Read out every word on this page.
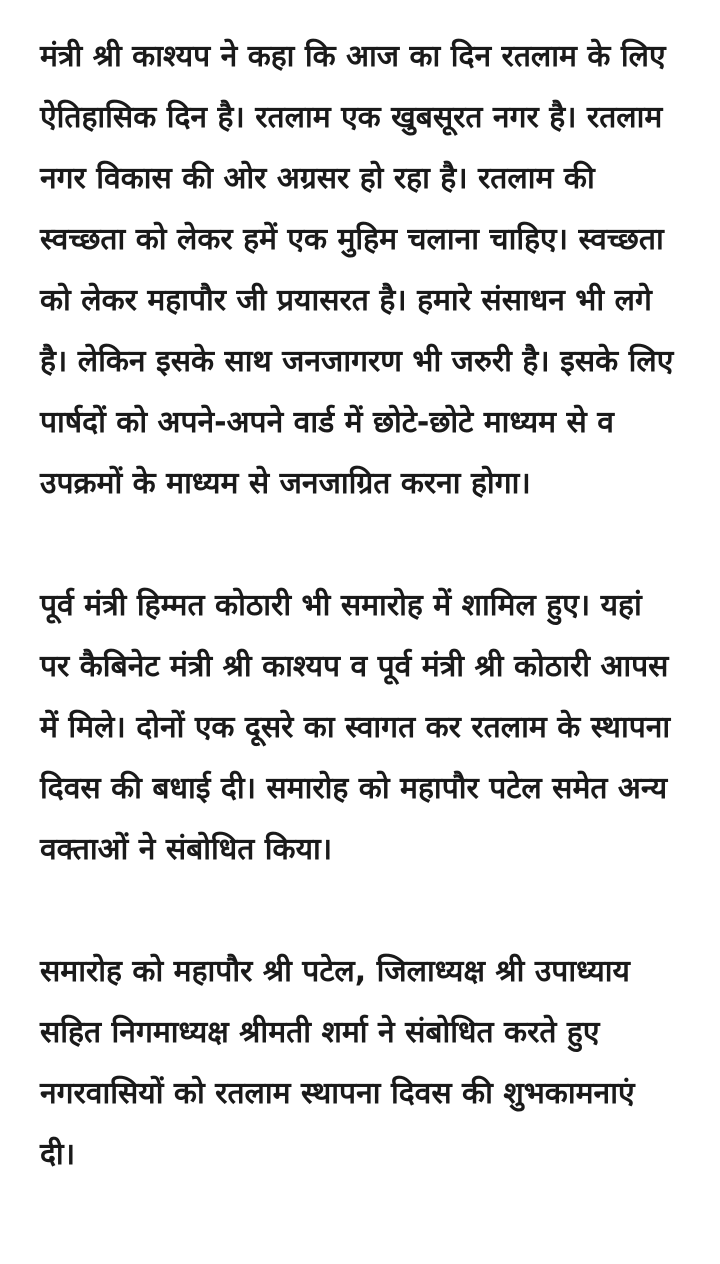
मंत्री श्री काश्यप ने कहा कि आज का दिन रतलाम के लिए ऐतिहासिक दिन है। रतलाम एक खुबसूरत नगर है। रतलाम नगर विकास की ओर अग्रसर हो रहा है। रतलाम की स्वच्छता को लेकर हमें एक मुहिम चलाना चाहिए। स्वच्छता को लेकर महापौर जी प्रयासरत है। हमारे संसाधन भी लगे है। लेकिन इसके साथ जनजागरण भी जरुरी है। इसके लिए पार्षदों को अपने-अपने वार्ड में छोटे-छोटे माध्यम से व उपक्रमों के माध्यम से जनजाग्रित करना होगा।

पूर्व मंत्री हिम्मत कोठारी भी समारोह में शामिल हुए। यहां पर कैबिनेट मंत्री श्री काश्यप व पूर्व मंत्री श्री कोठारी आपस में मिले। दोनों एक दूसरे का स्वागत कर रतलाम के स्थापना दिवस की बधाई दी। समारोह को महापौर पटेल समेत अन्य वक्ताओं ने संबोधित किया।

समारोह को महापौर श्री पटेल, जिलाध्यक्ष श्री उपाध्याय सहित निगमाध्यक्ष श्रीमती शर्मा ने संबोधित करते हुए नगरवासियों को रतलाम स्थापना दिवस की शुभकामनाएं दी।
